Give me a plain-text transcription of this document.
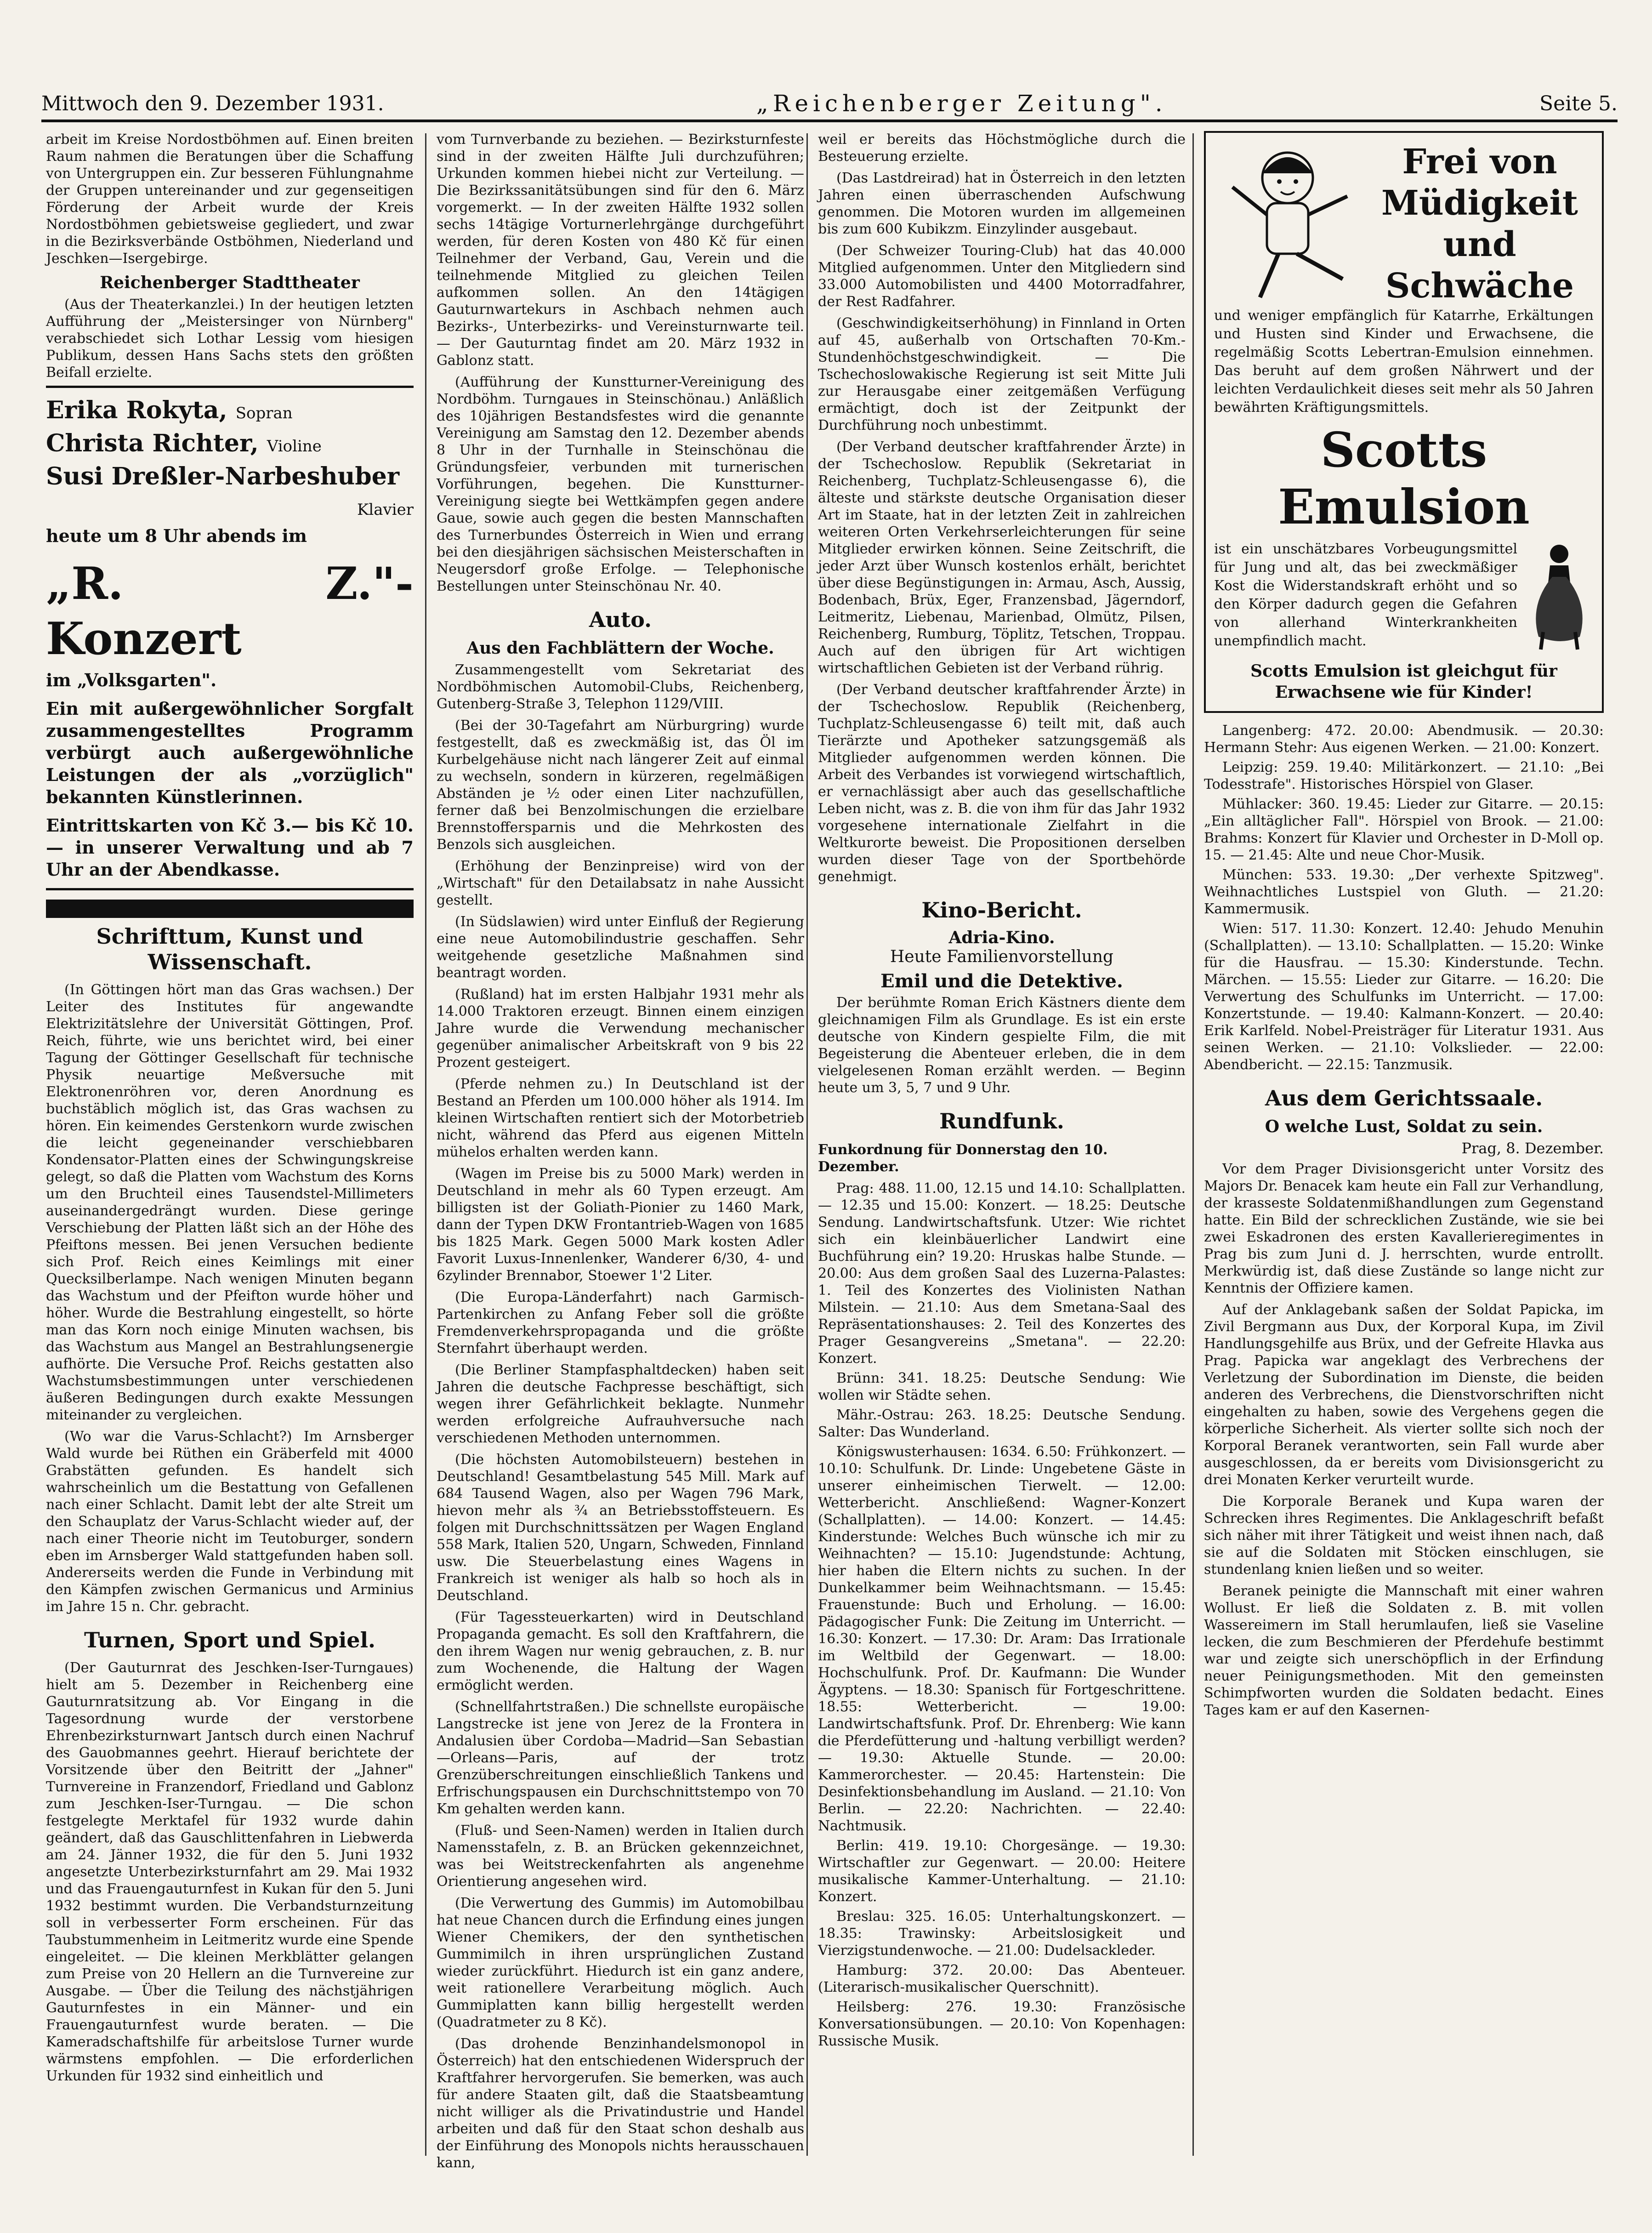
Mittwoch den 9. Dezember 1931.	„Reichenberger Zeitung".	Seite 5.

arbeit im Kreise Nordostböhmen auf. Einen breiten Raum nahmen die Beratungen über die Schaffung von Untergruppen ein. Zur besseren Fühlungnahme der Gruppen untereinander und zur gegenseitigen Förderung der Arbeit wurde der Kreis Nordostböhmen gebietsweise gegliedert, und zwar in die Bezirksverbände Ostböhmen, Niederland und Jeschken—Isergebirge.

Reichenberger Stadttheater

(Aus der Theaterkanzlei.) In der heutigen letzten Aufführung der „Meistersinger von Nürnberg" verabschiedet sich Lothar Lessig vom hiesigen Publikum, dessen Hans Sachs stets den größten Beifall erzielte.

Erika Rokyta, Sopran
Christa Richter, Violine
Susi Dreßler-Narbeshuber
Klavier
heute um 8 Uhr abends im
„R. Z."-Konzert
im „Volksgarten".
Ein mit außergewöhnlicher Sorgfalt zusammengestelltes Programm verbürgt auch außergewöhnliche Leistungen der als „vorzüglich" bekannten Künstlerinnen.
Eintrittskarten von Kč 3.— bis Kč 10.— in unserer Verwaltung und ab 7 Uhr an der Abendkasse.
Schrifttum, Kunst und Wissenschaft.

(In Göttingen hört man das Gras wachsen.) Der Leiter des Institutes für angewandte Elektrizitätslehre der Universität Göttingen, Prof. Reich, führte, wie uns berichtet wird, bei einer Tagung der Göttinger Gesellschaft für technische Physik neuartige Meßversuche mit Elektronenröhren vor, deren Anordnung es buchstäblich möglich ist, das Gras wachsen zu hören. Ein keimendes Gerstenkorn wurde zwischen die leicht gegeneinander verschiebbaren Kondensator-Platten eines der Schwingungskreise gelegt, so daß die Platten vom Wachstum des Korns um den Bruchteil eines Tausendstel-Millimeters auseinandergedrängt wurden. Diese geringe Verschiebung der Platten läßt sich an der Höhe des Pfeiftons messen. Bei jenen Versuchen bediente sich Prof. Reich eines Keimlings mit einer Quecksilberlampe. Nach wenigen Minuten begann das Wachstum und der Pfeifton wurde höher und höher. Wurde die Bestrahlung eingestellt, so hörte man das Korn noch einige Minuten wachsen, bis das Wachstum aus Mangel an Bestrahlungsenergie aufhörte. Die Versuche Prof. Reichs gestatten also Wachstumsbestimmungen unter verschiedenen äußeren Bedingungen durch exakte Messungen miteinander zu vergleichen.

(Wo war die Varus-Schlacht?) Im Arnsberger Wald wurde bei Rüthen ein Gräberfeld mit 4000 Grabstätten gefunden. Es handelt sich wahrscheinlich um die Bestattung von Gefallenen nach einer Schlacht. Damit lebt der alte Streit um den Schauplatz der Varus-Schlacht wieder auf, der nach einer Theorie nicht im Teutoburger, sondern eben im Arnsberger Wald stattgefunden haben soll. Andererseits werden die Funde in Verbindung mit den Kämpfen zwischen Germanicus und Arminius im Jahre 15 n. Chr. gebracht.

Turnen, Sport und Spiel.

(Der Gauturnrat des Jeschken-Iser-Turngaues) hielt am 5. Dezember in Reichenberg eine Gauturnratsitzung ab. Vor Eingang in die Tagesordnung wurde der verstorbene Ehrenbezirksturnwart Jantsch durch einen Nachruf des Gauobmannes geehrt. Hierauf berichtete der Vorsitzende über den Beitritt der „Jahner" Turnvereine in Franzendorf, Friedland und Gablonz zum Jeschken-Iser-Turngau. — Die schon festgelegte Merktafel für 1932 wurde dahin geändert, daß das Gauschlittenfahren in Liebwerda am 24. Jänner 1932, die für den 5. Juni 1932 angesetzte Unterbezirksturnfahrt am 29. Mai 1932 und das Frauengauturnfest in Kukan für den 5. Juni 1932 bestimmt wurden. Die Verbandsturnzeitung soll in verbesserter Form erscheinen. Für das Taubstummenheim in Leitmeritz wurde eine Spende eingeleitet. — Die kleinen Merkblätter gelangen zum Preise von 20 Hellern an die Turnvereine zur Ausgabe. — Über die Teilung des nächstjährigen Gauturnfestes in ein Männer- und ein Frauengauturnfest wurde beraten. — Die Kameradschaftshilfe für arbeitslose Turner wurde wärmstens empfohlen. — Die erforderlichen Urkunden für 1932 sind einheitlich und

vom Turnverbande zu beziehen. — Bezirksturnfeste sind in der zweiten Hälfte Juli durchzuführen; Urkunden kommen hiebei nicht zur Verteilung. — Die Bezirkssanitätsübungen sind für den 6. März vorgemerkt. — In der zweiten Hälfte 1932 sollen sechs 14tägige Vorturnerlehrgänge durchgeführt werden, für deren Kosten von 480 Kč für einen Teilnehmer der Verband, Gau, Verein und die teilnehmende Mitglied zu gleichen Teilen aufkommen sollen. An den 14tägigen Gauturnwartekurs in Aschbach nehmen auch Bezirks-, Unterbezirks- und Vereinsturnwarte teil. — Der Gauturntag findet am 20. März 1932 in Gablonz statt.

(Aufführung der Kunstturner-Vereinigung des Nordböhm. Turngaues in Steinschönau.) Anläßlich des 10jährigen Bestandsfestes wird die genannte Vereinigung am Samstag den 12. Dezember abends 8 Uhr in der Turnhalle in Steinschönau die Gründungsfeier, verbunden mit turnerischen Vorführungen, begehen. Die Kunstturner-Vereinigung siegte bei Wettkämpfen gegen andere Gaue, sowie auch gegen die besten Mannschaften des Turnerbundes Österreich in Wien und errang bei den diesjährigen sächsischen Meisterschaften in Neugersdorf große Erfolge. — Telephonische Bestellungen unter Steinschönau Nr. 40.

Auto.
Aus den Fachblättern der Woche.

Zusammengestellt vom Sekretariat des Nordböhmischen Automobil-Clubs, Reichenberg, Gutenberg-Straße 3, Telephon 1129/VIII.

(Bei der 30-Tagefahrt am Nürburgring) wurde festgestellt, daß es zweckmäßig ist, das Öl im Kurbelgehäuse nicht nach längerer Zeit auf einmal zu wechseln, sondern in kürzeren, regelmäßigen Abständen je ½ oder einen Liter nachzufüllen, ferner daß bei Benzolmischungen die erzielbare Brennstoffersparnis und die Mehrkosten des Benzols sich ausgleichen.

(Erhöhung der Benzinpreise) wird von der „Wirtschaft" für den Detailabsatz in nahe Aussicht gestellt.

(In Südslawien) wird unter Einfluß der Regierung eine neue Automobilindustrie geschaffen. Sehr weitgehende gesetzliche Maßnahmen sind beantragt worden.

(Rußland) hat im ersten Halbjahr 1931 mehr als 14.000 Traktoren erzeugt. Binnen einem einzigen Jahre wurde die Verwendung mechanischer gegenüber animalischer Arbeitskraft von 9 bis 22 Prozent gesteigert.

(Pferde nehmen zu.) In Deutschland ist der Bestand an Pferden um 100.000 höher als 1914. Im kleinen Wirtschaften rentiert sich der Motorbetrieb nicht, während das Pferd aus eigenen Mitteln mühelos erhalten werden kann.

(Wagen im Preise bis zu 5000 Mark) werden in Deutschland in mehr als 60 Typen erzeugt. Am billigsten ist der Goliath-Pionier zu 1460 Mark, dann der Typen DKW Frontantrieb-Wagen von 1685 bis 1825 Mark. Gegen 5000 Mark kosten Adler Favorit Luxus-Innenlenker, Wanderer 6/30, 4- und 6zylinder Brennabor, Stoewer 1'2 Liter.

(Die Europa-Länderfahrt) nach Garmisch-Partenkirchen zu Anfang Feber soll die größte Fremdenverkehrspropaganda und die größte Sternfahrt überhaupt werden.

(Die Berliner Stampfasphaltdecken) haben seit Jahren die deutsche Fachpresse beschäftigt, sich wegen ihrer Gefährlichkeit beklagte. Nunmehr werden erfolgreiche Aufrauhversuche nach verschiedenen Methoden unternommen.

(Die höchsten Automobilsteuern) bestehen in Deutschland! Gesamtbelastung 545 Mill. Mark auf 684 Tausend Wagen, also per Wagen 796 Mark, hievon mehr als ¾ an Betriebsstoffsteuern. Es folgen mit Durchschnittssätzen per Wagen England 558 Mark, Italien 520, Ungarn, Schweden, Finnland usw. Die Steuerbelastung eines Wagens in Frankreich ist weniger als halb so hoch als in Deutschland.

(Für Tagessteuerkarten) wird in Deutschland Propaganda gemacht. Es soll den Kraftfahrern, die den ihrem Wagen nur wenig gebrauchen, z. B. nur zum Wochenende, die Haltung der Wagen ermöglicht werden.

(Schnellfahrtstraßen.) Die schnellste europäische Langstrecke ist jene von Jerez de la Frontera in Andalusien über Cordoba—Madrid—San Sebastian—Orleans—Paris, auf der trotz Grenzüberschreitungen einschließlich Tankens und Erfrischungspausen ein Durchschnittstempo von 70 Km gehalten werden kann.

(Fluß- und Seen-Namen) werden in Italien durch Namensstafeln, z. B. an Brücken gekennzeichnet, was bei Weitstreckenfahrten als angenehme Orientierung angesehen wird.

(Die Verwertung des Gummis) im Automobilbau hat neue Chancen durch die Erfindung eines jungen Wiener Chemikers, der den synthetischen Gummimilch in ihren ursprünglichen Zustand wieder zurückführt. Hiedurch ist ein ganz andere, weit rationellere Verarbeitung möglich. Auch Gummiplatten kann billig hergestellt werden (Quadratmeter zu 8 Kč).

(Das drohende Benzinhandelsmonopol in Österreich) hat den entschiedenen Widerspruch der Kraftfahrer hervorgerufen. Sie bemerken, was auch für andere Staaten gilt, daß die Staatsbeamtung nicht williger als die Privatindustrie und Handel arbeiten und daß für den Staat schon deshalb aus der Einführung des Monopols nichts herausschauen kann,

weil er bereits das Höchstmögliche durch die Besteuerung erzielte.

(Das Lastdreirad) hat in Österreich in den letzten Jahren einen überraschenden Aufschwung genommen. Die Motoren wurden im allgemeinen bis zum 600 Kubikzm. Einzylinder ausgebaut.

(Der Schweizer Touring-Club) hat das 40.000 Mitglied aufgenommen. Unter den Mitgliedern sind 33.000 Automobilisten und 4400 Motorradfahrer, der Rest Radfahrer.

(Geschwindigkeitserhöhung) in Finnland in Orten auf 45, außerhalb von Ortschaften 70-Km.-Stundenhöchstgeschwindigkeit. — Die Tschechoslowakische Regierung ist seit Mitte Juli zur Herausgabe einer zeitgemäßen Verfügung ermächtigt, doch ist der Zeitpunkt der Durchführung noch unbestimmt.

(Der Verband deutscher kraftfahrender Ärzte) in der Tschechoslow. Republik (Sekretariat in Reichenberg, Tuchplatz-Schleusengasse 6), die älteste und stärkste deutsche Organisation dieser Art im Staate, hat in der letzten Zeit in zahlreichen weiteren Orten Verkehrserleichterungen für seine Mitglieder erwirken können. Seine Zeitschrift, die jeder Arzt über Wunsch kostenlos erhält, berichtet über diese Begünstigungen in: Armau, Asch, Aussig, Bodenbach, Brüx, Eger, Franzensbad, Jägerndorf, Leitmeritz, Liebenau, Marienbad, Olmütz, Pilsen, Reichenberg, Rumburg, Töplitz, Tetschen, Troppau. Auch auf den übrigen für Art wichtigen wirtschaftlichen Gebieten ist der Verband rührig.

(Der Verband deutscher kraftfahrender Ärzte) in der Tschechoslow. Republik (Reichenberg, Tuchplatz-Schleusengasse 6) teilt mit, daß auch Tierärzte und Apotheker satzungsgemäß als Mitglieder aufgenommen werden können. Die Arbeit des Verbandes ist vorwiegend wirtschaftlich, er vernachlässigt aber auch das gesellschaftliche Leben nicht, was z. B. die von ihm für das Jahr 1932 vorgesehene internationale Zielfahrt in die Weltkurorte beweist. Die Propositionen derselben wurden dieser Tage von der Sportbehörde genehmigt.

Kino-Bericht.
Adria-Kino.
Heute Familienvorstellung
Emil und die Detektive.

Der berühmte Roman Erich Kästners diente dem gleichnamigen Film als Grundlage. Es ist ein erste deutsche von Kindern gespielte Film, die mit Begeisterung die Abenteuer erleben, die in dem vielgelesenen Roman erzählt werden. — Beginn heute um 3, 5, 7 und 9 Uhr.

Rundfunk.
Funkordnung für Donnerstag den 10. Dezember.

Prag: 488. 11.00, 12.15 und 14.10: Schallplatten. — 12.35 und 15.00: Konzert. — 18.25: Deutsche Sendung. Landwirtschaftsfunk. Utzer: Wie richtet sich ein kleinbäuerlicher Landwirt eine Buchführung ein? 19.20: Hruskas halbe Stunde. — 20.00: Aus dem großen Saal des Luzerna-Palastes: 1. Teil des Konzertes des Violinisten Nathan Milstein. — 21.10: Aus dem Smetana-Saal des Repräsentationshauses: 2. Teil des Konzertes des Prager Gesangvereins „Smetana". — 22.20: Konzert.

Brünn: 341. 18.25: Deutsche Sendung: Wie wollen wir Städte sehen.

Mähr.-Ostrau: 263. 18.25: Deutsche Sendung. Salter: Das Wunderland.

Königswusterhausen: 1634. 6.50: Frühkonzert. — 10.10: Schulfunk. Dr. Linde: Ungebetene Gäste in unserer einheimischen Tierwelt. — 12.00: Wetterbericht. Anschließend: Wagner-Konzert (Schallplatten). — 14.00: Konzert. — 14.45: Kinderstunde: Welches Buch wünsche ich mir zu Weihnachten? — 15.10: Jugendstunde: Achtung, hier haben die Eltern nichts zu suchen. In der Dunkelkammer beim Weihnachtsmann. — 15.45: Frauenstunde: Buch und Erholung. — 16.00: Pädagogischer Funk: Die Zeitung im Unterricht. — 16.30: Konzert. — 17.30: Dr. Aram: Das Irrationale im Weltbild der Gegenwart. — 18.00: Hochschulfunk. Prof. Dr. Kaufmann: Die Wunder Ägyptens. — 18.30: Spanisch für Fortgeschrittene. 18.55: Wetterbericht. — 19.00: Landwirtschaftsfunk. Prof. Dr. Ehrenberg: Wie kann die Pferdefütterung und -haltung verbilligt werden? — 19.30: Aktuelle Stunde. — 20.00: Kammerorchester. — 20.45: Hartenstein: Die Desinfektionsbehandlung im Ausland. — 21.10: Von Berlin. — 22.20: Nachrichten. — 22.40: Nachtmusik.

Berlin: 419. 19.10: Chorgesänge. — 19.30: Wirtschaftler zur Gegenwart. — 20.00: Heitere musikalische Kammer-Unterhaltung. — 21.10: Konzert.

Breslau: 325. 16.05: Unterhaltungskonzert. — 18.35: Trawinsky: Arbeitslosigkeit und Vierzigstundenwoche. — 21.00: Dudelsackleder.

Hamburg: 372. 20.00: Das Abenteuer. (Literarisch-musikalischer Querschnitt).

Heilsberg: 276. 19.30: Französische Konversationsübungen. — 20.10: Von Kopenhagen: Russische Musik.

Frei von Müdigkeit und Schwäche
und weniger empfänglich für Katarrhe, Erkältungen und Husten sind Kinder und Erwachsene, die regelmäßig Scotts Lebertran-Emulsion einnehmen. Das beruht auf dem großen Nährwert und der leichten Verdaulichkeit dieses seit mehr als 50 Jahren bewährten Kräftigungsmittels.
Scotts Emulsion
ist ein unschätzbares Vorbeugungsmittel für Jung und alt, das bei zweckmäßiger Kost die Widerstandskraft erhöht und so den Körper dadurch gegen die Gefahren von allerhand Winterkrankheiten unempfindlich macht.
Scotts Emulsion ist gleichgut für Erwachsene wie für Kinder!

Langenberg: 472. 20.00: Abendmusik. — 20.30: Hermann Stehr: Aus eigenen Werken. — 21.00: Konzert.

Leipzig: 259. 19.40: Militärkonzert. — 21.10: „Bei Todesstrafe". Historisches Hörspiel von Glaser.

Mühlacker: 360. 19.45: Lieder zur Gitarre. — 20.15: „Ein alltäglicher Fall". Hörspiel von Brook. — 21.00: Brahms: Konzert für Klavier und Orchester in D-Moll op. 15. — 21.45: Alte und neue Chor-Musik.

München: 533. 19.30: „Der verhexte Spitzweg". Weihnachtliches Lustspiel von Gluth. — 21.20: Kammermusik.

Wien: 517. 11.30: Konzert. 12.40: Jehudo Menuhin (Schallplatten). — 13.10: Schallplatten. — 15.20: Winke für die Hausfrau. — 15.30: Kinderstunde. Techn. Märchen. — 15.55: Lieder zur Gitarre. — 16.20: Die Verwertung des Schulfunks im Unterricht. — 17.00: Konzertstunde. — 19.40: Kalmann-Konzert. — 20.40: Erik Karlfeld. Nobel-Preisträger für Literatur 1931. Aus seinen Werken. — 21.10: Volkslieder. — 22.00: Abendbericht. — 22.15: Tanzmusik.

Aus dem Gerichtssaale.
O welche Lust, Soldat zu sein.
Prag, 8. Dezember.

Vor dem Prager Divisionsgericht unter Vorsitz des Majors Dr. Benacek kam heute ein Fall zur Verhandlung, der krasseste Soldatenmißhandlungen zum Gegenstand hatte. Ein Bild der schrecklichen Zustände, wie sie bei zwei Eskadronen des ersten Kavallerieregimentes in Prag bis zum Juni d. J. herrschten, wurde entrollt. Merkwürdig ist, daß diese Zustände so lange nicht zur Kenntnis der Offiziere kamen.

Auf der Anklagebank saßen der Soldat Papicka, im Zivil Bergmann aus Dux, der Korporal Kupa, im Zivil Handlungsgehilfe aus Brüx, und der Gefreite Hlavka aus Prag. Papicka war angeklagt des Verbrechens der Verletzung der Subordination im Dienste, die beiden anderen des Verbrechens, die Dienstvorschriften nicht eingehalten zu haben, sowie des Vergehens gegen die körperliche Sicherheit. Als vierter sollte sich noch der Korporal Beranek verantworten, sein Fall wurde aber ausgeschlossen, da er bereits vom Divisionsgericht zu drei Monaten Kerker verurteilt wurde.

Die Korporale Beranek und Kupa waren der Schrecken ihres Regimentes. Die Anklageschrift befaßt sich näher mit ihrer Tätigkeit und weist ihnen nach, daß sie auf die Soldaten mit Stöcken einschlugen, sie stundenlang knien ließen und so weiter.

Beranek peinigte die Mannschaft mit einer wahren Wollust. Er ließ die Soldaten z. B. mit vollen Wassereimern im Stall herumlaufen, ließ sie Vaseline lecken, die zum Beschmieren der Pferdehufe bestimmt war und zeigte sich unerschöpflich in der Erfindung neuer Peinigungsmethoden. Mit den gemeinsten Schimpfworten wurden die Soldaten bedacht. Eines Tages kam er auf den Kasernen-
